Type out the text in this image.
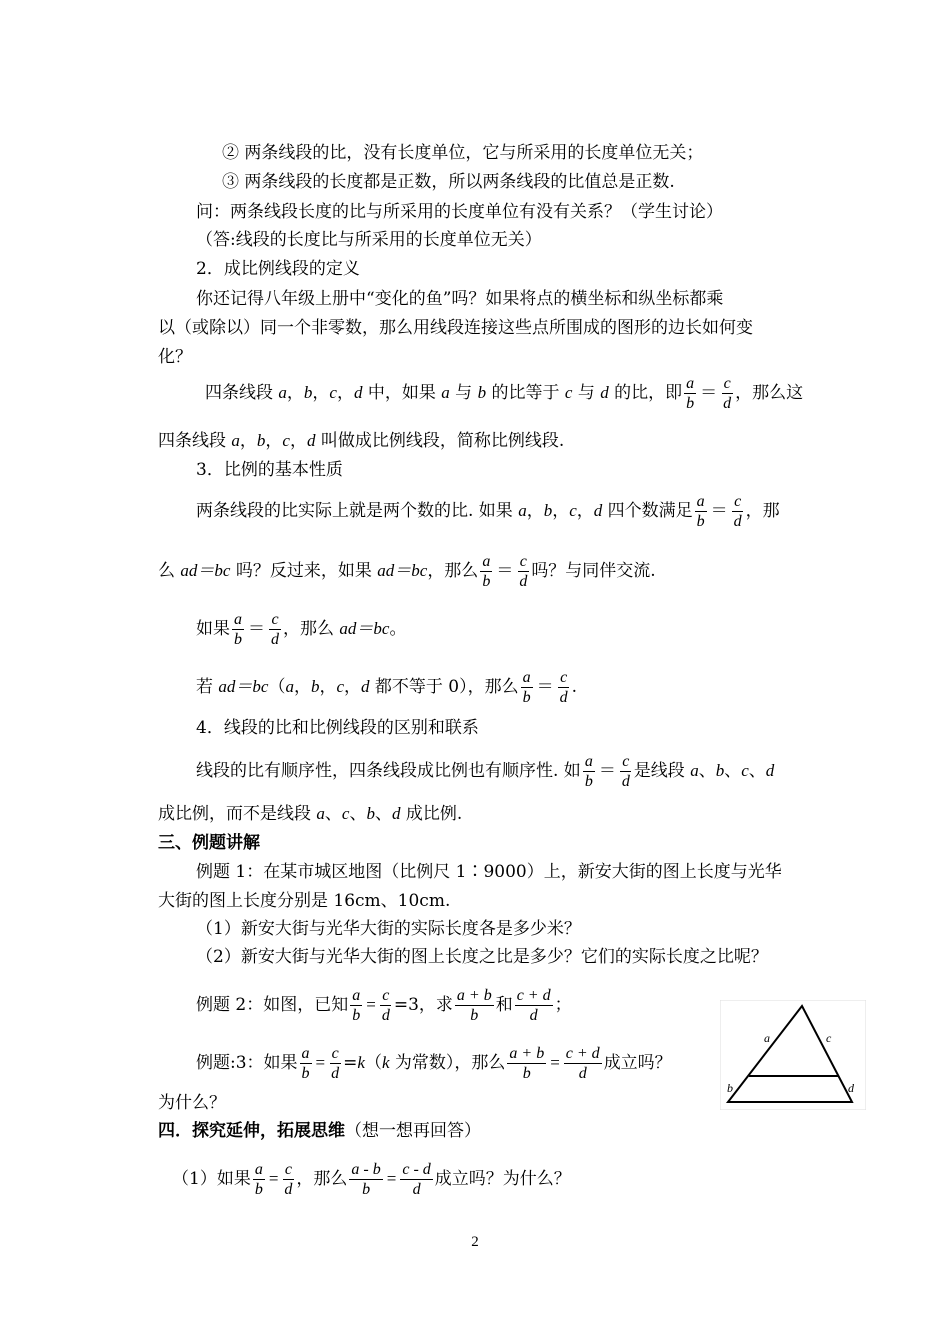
② 两条线段的比，没有长度单位，它与所采用的长度单位无关；
③ 两条线段的长度都是正数，所以两条线段的比值总是正数.
问：两条线段长度的比与所采用的长度单位有没有关系？（学生讨论）
（答:线段的长度比与所采用的长度单位无关）
2．成比例线段的定义
你还记得八年级上册中“变化的鱼”吗？如果将点的横坐标和纵坐标都乘
以（或除以）同一个非零数，那么用线段连接这些点所围成的图形的边长如何变
化？
四条线段 a，b，c，d 中，如果 a 与 b 的比等于 c 与 d 的比，即 $\frac{a}{b} = \frac{c}{d}$ ，那么这
四条线段 a，b，c，d 叫做成比例线段，简称比例线段.
3．比例的基本性质
两条线段的比实际上就是两个数的比. 如果 a，b，c，d 四个数满足 $\frac{a}{b} = \frac{c}{d}$ ，那
么 ad＝bc 吗？反过来，如果 ad＝bc，那么 $\frac{a}{b} = \frac{c}{d}$ 吗？与同伴交流.
如果 $\frac{a}{b} = \frac{c}{d}$ ，那么 ad＝bc。
若 ad＝bc（a，b，c，d 都不等于 0），那么 $\frac{a}{b} = \frac{c}{d}$ .
4．线段的比和比例线段的区别和联系
线段的比有顺序性，四条线段成比例也有顺序性. 如 $\frac{a}{b} = \frac{c}{d}$ 是线段 a、b、c、d
成比例，而不是线段 a、c、b、d 成比例.
三、例题讲解
例题 1：在某市城区地图（比例尺 1∶9000）上，新安大街的图上长度与光华
大街的图上长度分别是 16cm、10cm.
（1）新安大街与光华大街的实际长度各是多少米？
（2）新安大街与光华大街的图上长度之比是多少？它们的实际长度之比呢？
例题 2：如图，已知 $\frac{a}{b} = \frac{c}{d} =3$，求 $\frac{a + b}{b}$ 和 $\frac{c + d}{d}$ ；
例题:3：如果 $\frac{a}{b} = \frac{c}{d} =k(k$ 为常数），那么 $\frac{a + b}{b} = \frac{c + d}{d}$ 成立吗？
为什么？
四．探究延伸，拓展思维（想一想再回答）
（1）如果 $\frac{a}{b} = \frac{c}{d}$ ，那么 $\frac{a - b}{b} = \frac{c - d}{d}$ 成立吗？为什么？
a	c
b	d
2
